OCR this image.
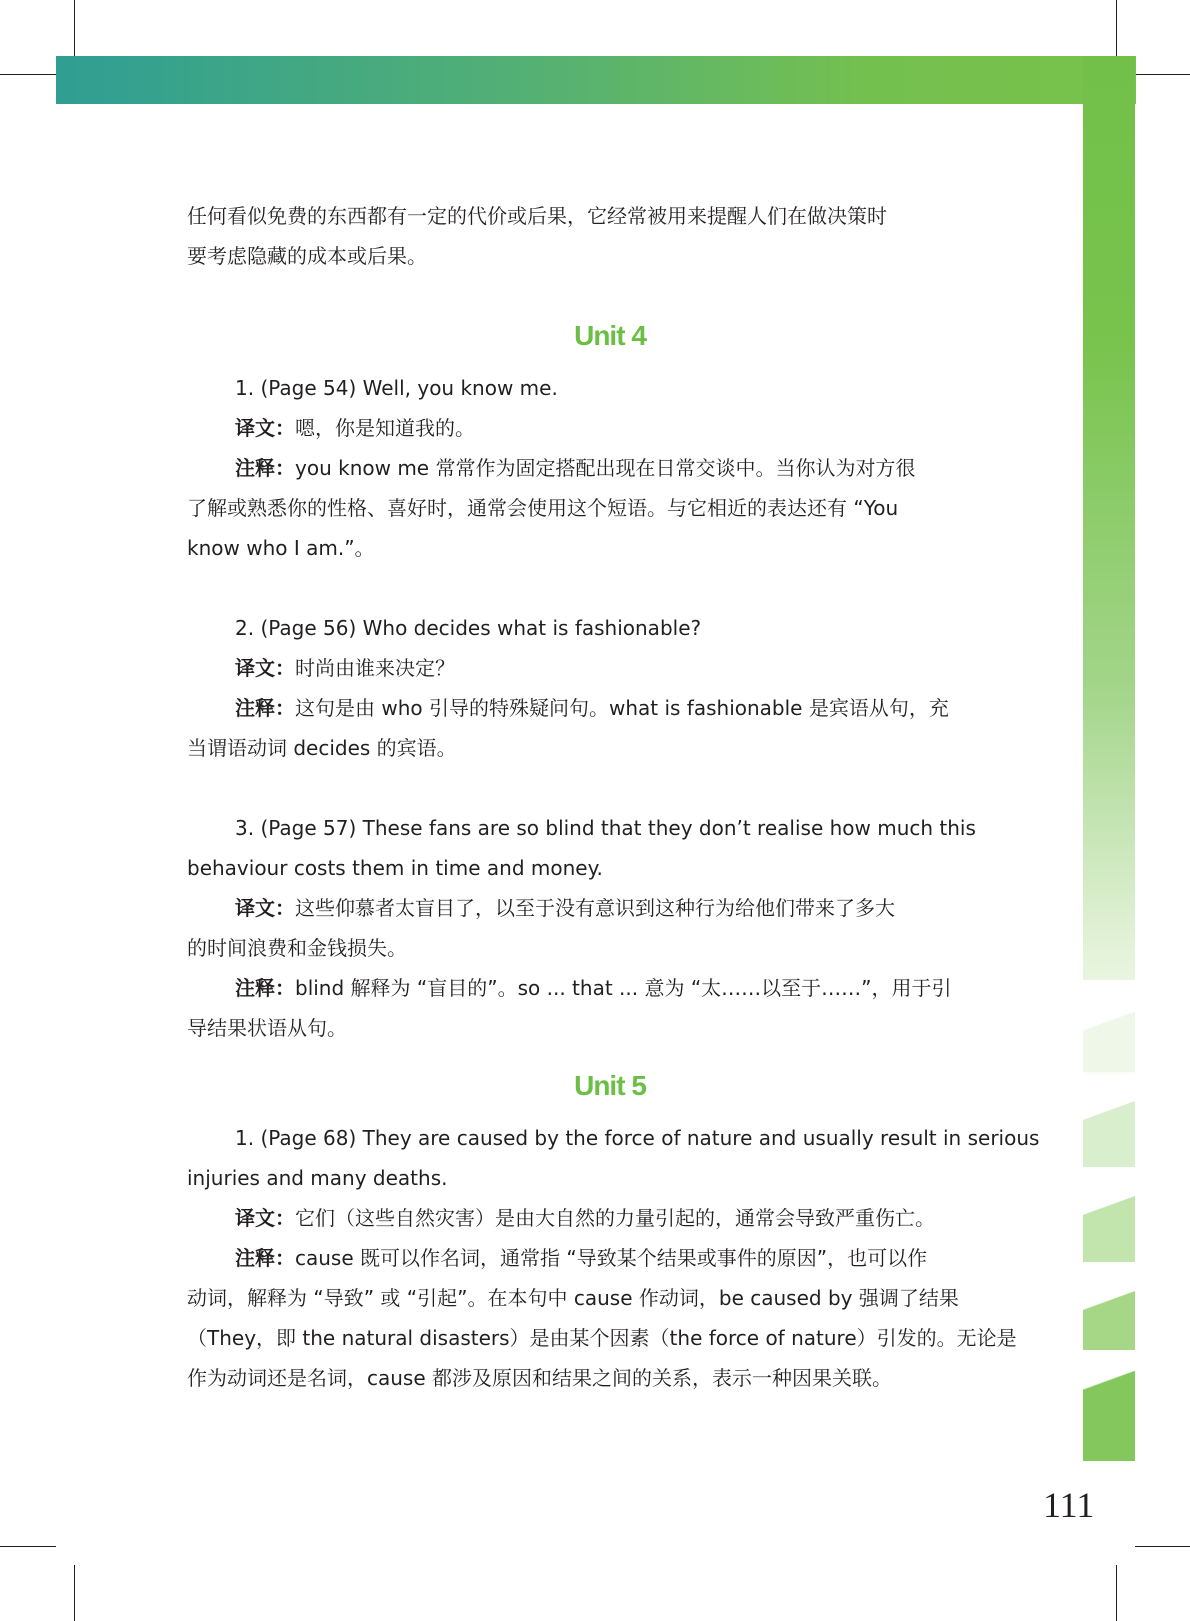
任何看似免费的东西都有一定的代价或后果，它经常被用来提醒人们在做决策时

要考虑隐藏的成本或后果。

Unit 4

1. (Page 54) Well, you know me.

译文：嗯，你是知道我的。

注释：you know me 常常作为固定搭配出现在日常交谈中。当你认为对方很

了解或熟悉你的性格、喜好时，通常会使用这个短语。与它相近的表达还有 “You

know who I am.”。

2. (Page 56) Who decides what is fashionable?

译文：时尚由谁来决定？

注释：这句是由 who 引导的特殊疑问句。what is fashionable 是宾语从句，充

当谓语动词 decides 的宾语。

3. (Page 57) These fans are so blind that they don’t realise how much this

behaviour costs them in time and money.

译文：这些仰慕者太盲目了，以至于没有意识到这种行为给他们带来了多大

的时间浪费和金钱损失。

注释：blind 解释为 “盲目的”。so ... that ... 意为 “太……以至于……”，用于引

导结果状语从句。

Unit 5

1. (Page 68) They are caused by the force of nature and usually result in serious

injuries and many deaths.

译文：它们（这些自然灾害）是由大自然的力量引起的，通常会导致严重伤亡。

注释：cause 既可以作名词，通常指 “导致某个结果或事件的原因”，也可以作

动词，解释为 “导致” 或 “引起”。在本句中 cause 作动词，be caused by 强调了结果

（They，即 the natural disasters）是由某个因素（the force of nature）引发的。无论是

作为动词还是名词，cause 都涉及原因和结果之间的关系，表示一种因果关联。

111
